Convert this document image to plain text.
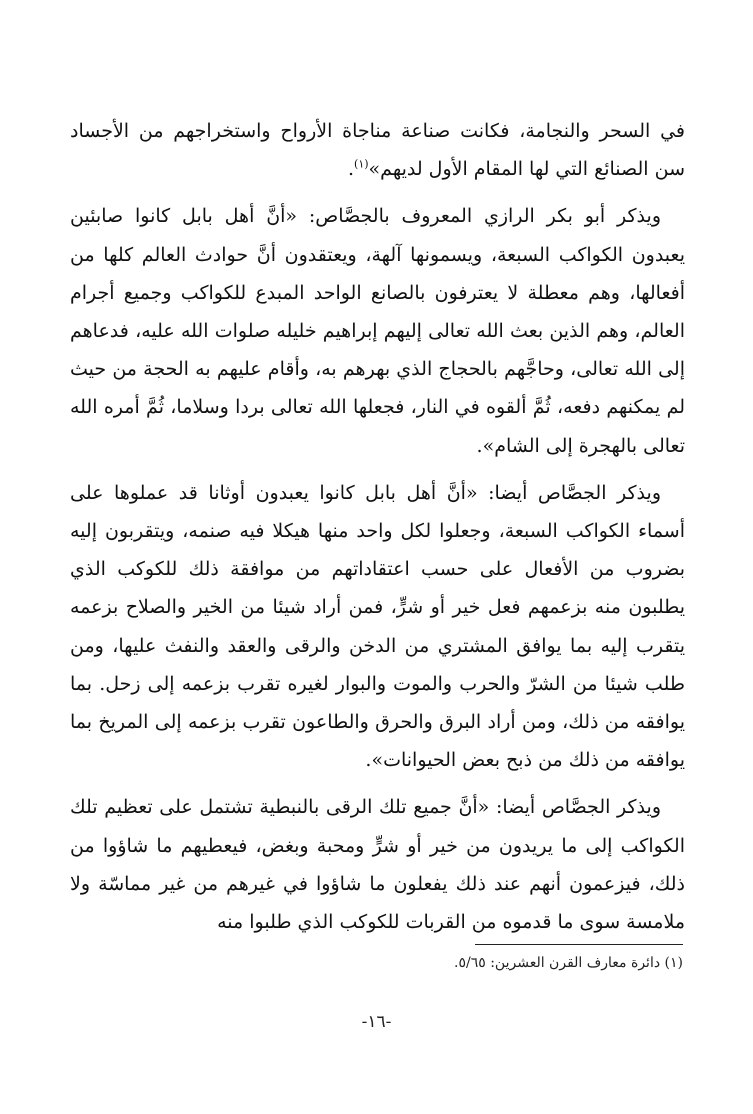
في السحر والنجامة، فكانت صناعة مناجاة الأرواح واستخراجهم من الأجساد سن الصنائع التي لها المقام الأول لديهم»$^{(١)}$.

ويذكر أبو بكر الرازي المعروف بالجصَّاص: «أنَّ أهل بابل كانوا صابئين يعبدون الكواكب السبعة، ويسمونها آلهة، ويعتقدون أنَّ حوادث العالم كلها من أفعالها، وهم معطلة لا يعترفون بالصانع الواحد المبدع للكواكب وجميع أجرام العالم، وهم الذين بعث الله تعالى إليهم إبراهيم خليله صلوات الله عليه، فدعاهم إلى الله تعالى، وحاجَّهم بالحجاج الذي بهرهم به، وأقام عليهم به الحجة من حيث لم يمكنهم دفعه، ثُمَّ ألقوه في النار، فجعلها الله تعالى بردا وسلاما، ثُمَّ أمره الله تعالى بالهجرة إلى الشام».

ويذكر الجصَّاص أيضا: «أنَّ أهل بابل كانوا يعبدون أوثانا قد عملوها على أسماء الكواكب السبعة، وجعلوا لكل واحد منها هيكلا فيه صنمه، ويتقربون إليه بضروب من الأفعال على حسب اعتقاداتهم من موافقة ذلك للكوكب الذي يطلبون منه بزعمهم فعل خير أو شرٍّ، فمن أراد شيئا من الخير والصلاح بزعمه يتقرب إليه بما يوافق المشتري من الدخن والرقى والعقد والنفث عليها، ومن طلب شيئا من الشرّ والحرب والموت والبوار لغيره تقرب بزعمه إلى زحل. بما يوافقه من ذلك، ومن أراد البرق والحرق والطاعون تقرب بزعمه إلى المريخ بما يوافقه من ذلك من ذبح بعض الحيوانات».

ويذكر الجصَّاص أيضا: «أنَّ جميع تلك الرقى بالنبطية تشتمل على تعظيم تلك الكواكب إلى ما يريدون من خير أو شرٍّ ومحبة وبغض، فيعطيهم ما شاؤوا من ذلك، فيزعمون أنهم عند ذلك يفعلون ما شاؤوا في غيرهم من غير مماسّة ولا ملامسة سوى ما قدموه من القربات للكوكب الذي طلبوا منه

(١) دائرة معارف القرن العشرين: ٥/٦٥.
-١٦-
